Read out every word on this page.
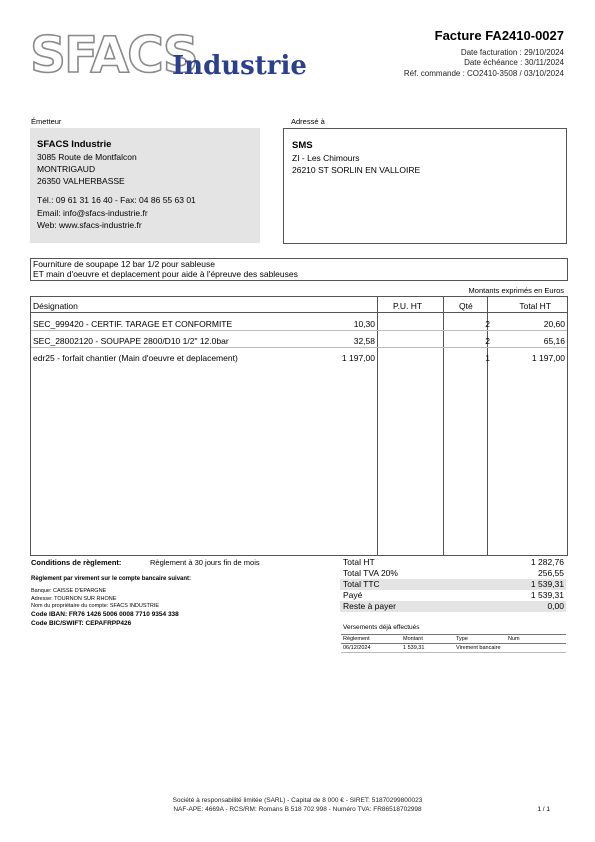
SFACS
Industrie
Facture FA2410-0027
Date facturation : 29/10/2024
Date échéance : 30/11/2024
Réf. commande : CO2410-3508 / 03/10/2024
Émetteur
SFACS Industrie
3085 Route de Montfalcon
MONTRIGAUD
26350 VALHERBASSE
Tél.: 09 61 31 16 40 - Fax: 04 86 55 63 01
Email: info@sfacs-industrie.fr
Web: www.sfacs-industrie.fr
Adressé à
SMS
ZI - Les Chimours
26210 ST SORLIN EN VALLOIRE
Fourniture de soupape 12 bar 1/2 pour sableuse
ET main d'oeuvre et deplacement pour aide à l'épreuve des sableuses
Montants exprimés en Euros
Désignation	P.U. HT	Qté	Total HT
SEC_999420 - CERTIF. TARAGE ET CONFORMITE	10,30	2	20,60
SEC_28002120 - SOUPAPE 2800/D10 1/2" 12.0bar	32,58	2	65,16
edr25 - forfait chantier (Main d'oeuvre et deplacement)	1 197,00	1	1 197,00
Conditions de règlement:	Règlement à 30 jours fin de mois
Règlement par virement sur le compte bancaire suivant:
Banque: CAISSE D'EPARGNE
Adresse: TOURNON SUR RHONE
Nom du propriétaire du compte: SFACS INDUSTRIE
Code IBAN: FR76 1426 5006 0008 7710 9354 338
Code BIC/SWIFT: CEPAFRPP426
Total HT	1 282,76
Total TVA 20%	256,55
Total TTC	1 539,31
Payé	1 539,31
Reste à payer	0,00
Versements déjà effectués
Règlement	Montant	Type	Num
06/12/2024	1 539,31	Virement bancaire
Société à responsabilité limitée (SARL) - Capital de 8 000 € - SIRET: 51870299800023
NAF-APE: 4669A - RCS/RM: Romans B 518 702 998 - Numéro TVA: FR86518702998	1 / 1
